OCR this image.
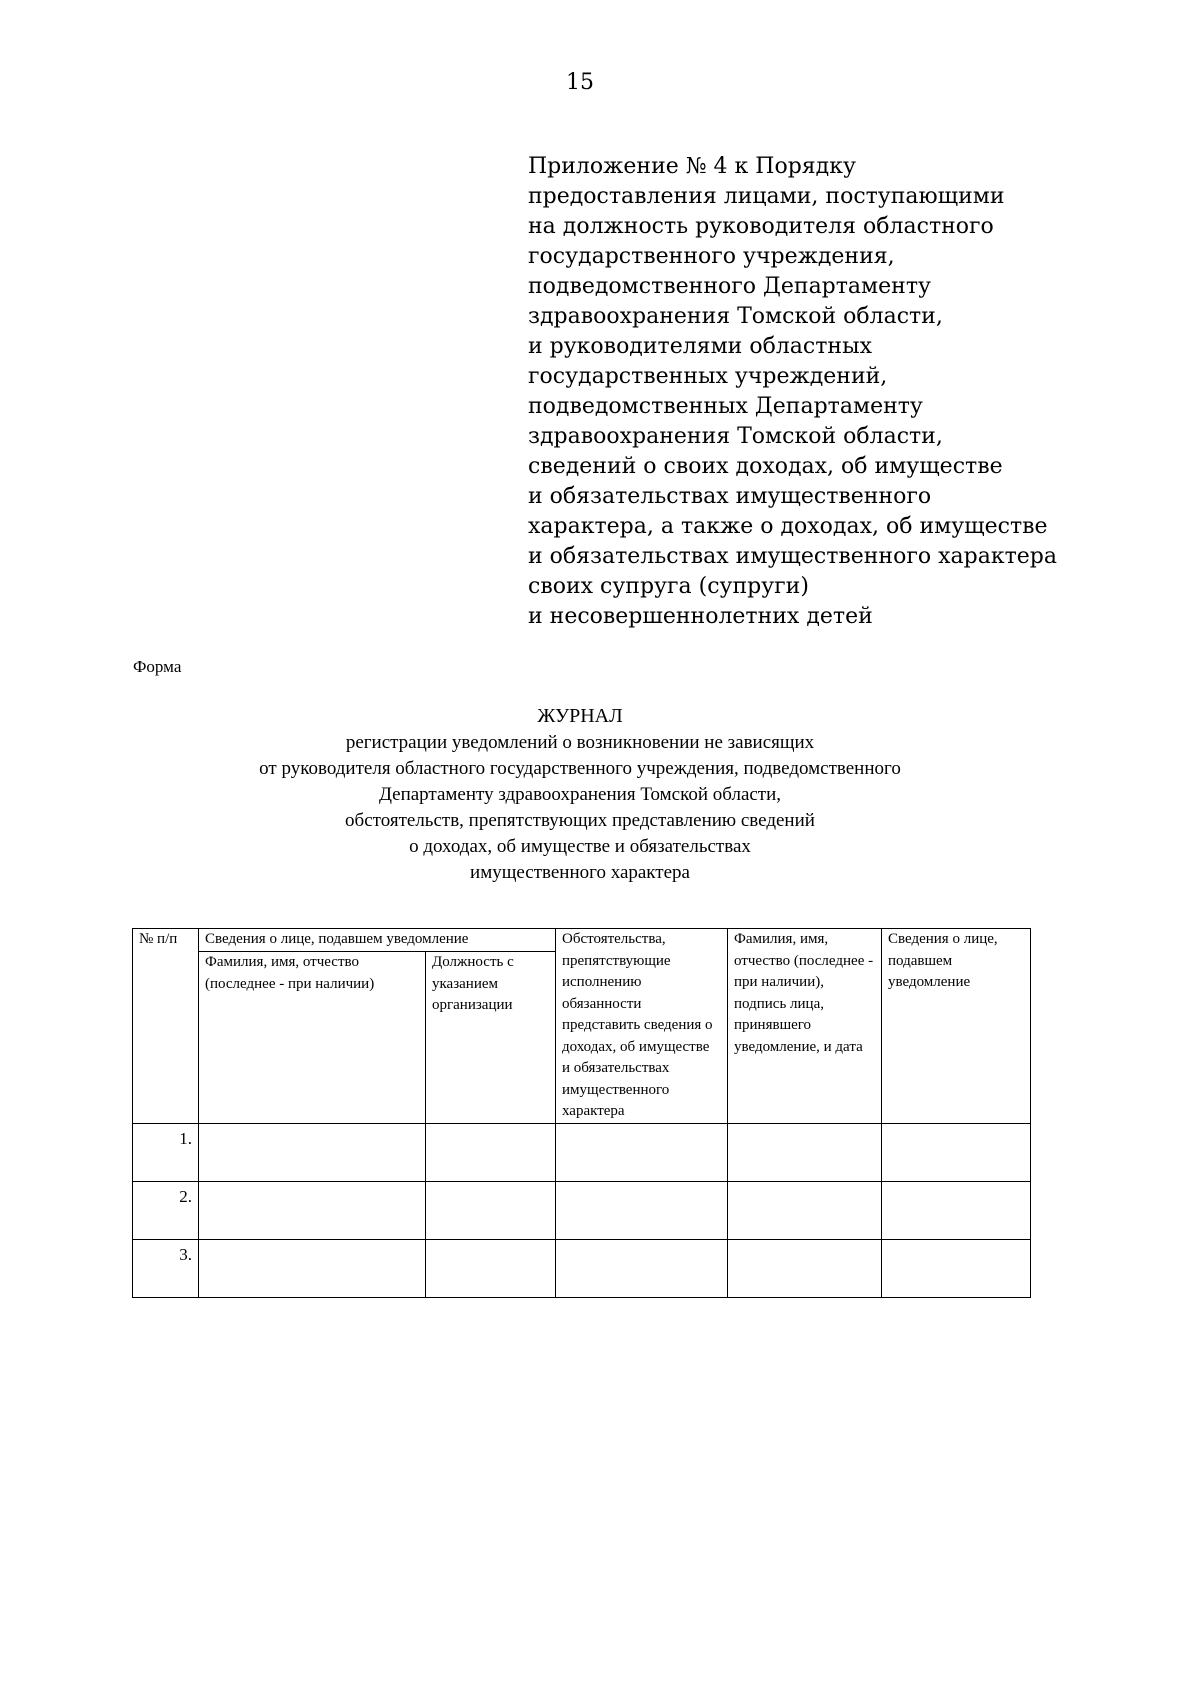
15
Приложение № 4 к Порядку
предоставления лицами, поступающими
на должность руководителя областного
государственного учреждения,
подведомственного Департаменту
здравоохранения Томской области,
и руководителями областных
государственных учреждений,
подведомственных Департаменту
здравоохранения Томской области,
сведений о своих доходах, об имуществе
и обязательствах имущественного
характера, а также о доходах, об имуществе
и обязательствах имущественного характера
своих супруга (супруги)
и несовершеннолетних детей
Форма
ЖУРНАЛ
регистрации уведомлений о возникновении не зависящих
от руководителя областного государственного учреждения, подведомственного
Департаменту здравоохранения Томской области,
обстоятельств, препятствующих представлению сведений
о доходах, об имуществе и обязательствах
имущественного характера
№ п/п	Сведения о лице, подавшем уведомление		Обстоятельства, препятствующие исполнению обязанности представить сведения о доходах, об имуществе и обязательствах имущественного характера	Фамилия, имя, отчество (последнее - при наличии), подпись лица, принявшего уведомление, и дата	Сведения о лице, подавшем уведомление
	Фамилия, имя, отчество (последнее - при наличии)	Должность с указанием организации			
1.					
2.					
3.					
